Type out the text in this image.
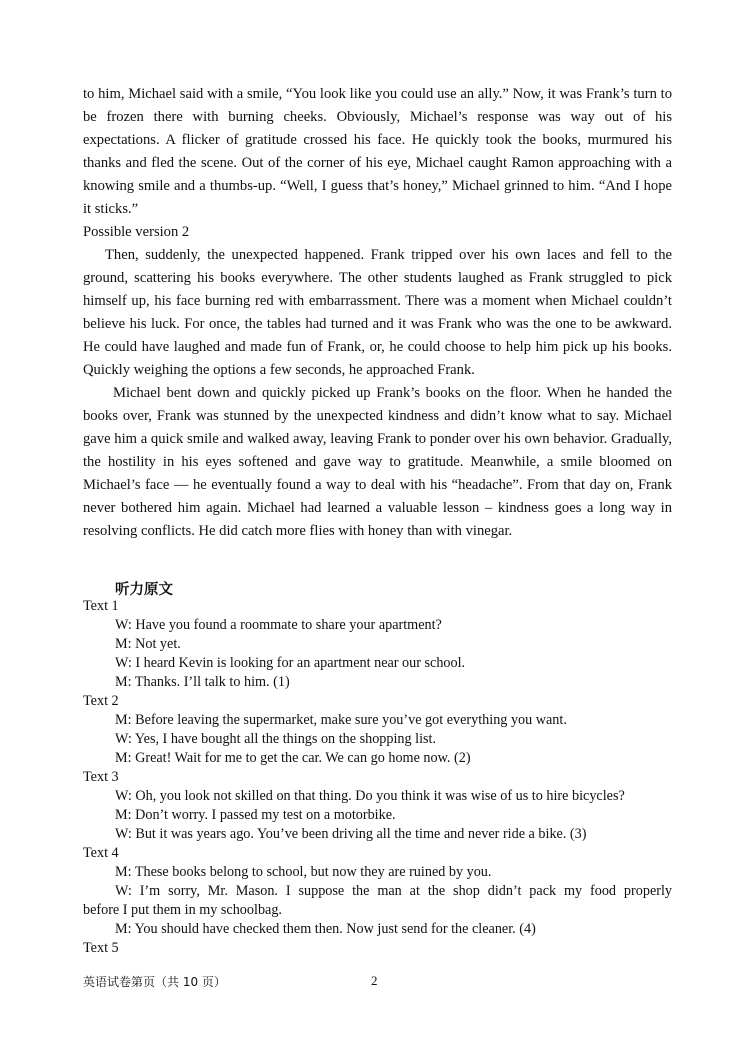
to him, Michael said with a smile, “You look like you could use an ally.” Now, it was Frank’s turn to be frozen there with burning cheeks. Obviously, Michael’s response was way out of his expectations. A flicker of gratitude crossed his face. He quickly took the books, murmured his thanks and fled the scene. Out of the corner of his eye, Michael caught Ramon approaching with a knowing smile and a thumbs-up. “Well, I guess that’s honey,” Michael grinned to him. “And I hope it sticks.”

Possible version 2

Then, suddenly, the unexpected happened. Frank tripped over his own laces and fell to the ground, scattering his books everywhere. The other students laughed as Frank struggled to pick himself up, his face burning red with embarrassment. There was a moment when Michael couldn’t believe his luck. For once, the tables had turned and it was Frank who was the one to be awkward. He could have laughed and made fun of Frank, or, he could choose to help him pick up his books. Quickly weighing the options a few seconds, he approached Frank.

Michael bent down and quickly picked up Frank’s books on the floor. When he handed the books over, Frank was stunned by the unexpected kindness and didn’t know what to say. Michael gave him a quick smile and walked away, leaving Frank to ponder over his own behavior. Gradually, the hostility in his eyes softened and gave way to gratitude. Meanwhile, a smile bloomed on Michael’s face — he eventually found a way to deal with his “headache”. From that day on, Frank never bothered him again. Michael had learned a valuable lesson – kindness goes a long way in resolving conflicts. He did catch more flies with honey than with vinegar.

听力原文

Text 1

W: Have you found a roommate to share your apartment?

M: Not yet.

W: I heard Kevin is looking for an apartment near our school.

M: Thanks. I’ll talk to him. (1)

Text 2

M: Before leaving the supermarket, make sure you’ve got everything you want.

W: Yes, I have bought all the things on the shopping list.

M: Great! Wait for me to get the car. We can go home now. (2)

Text 3

W: Oh, you look not skilled on that thing. Do you think it was wise of us to hire bicycles?

M: Don’t worry. I passed my test on a motorbike.

W: But it was years ago. You’ve been driving all the time and never ride a bike. (3)

Text 4

M: These books belong to school, but now they are ruined by you.

W: I’m sorry, Mr. Mason. I suppose the man at the shop didn’t pack my food properly

before I put them in my schoolbag.

M: You should have checked them then. Now just send for the cleaner. (4)

Text 5

英语试卷第页（共 10 页）	2
